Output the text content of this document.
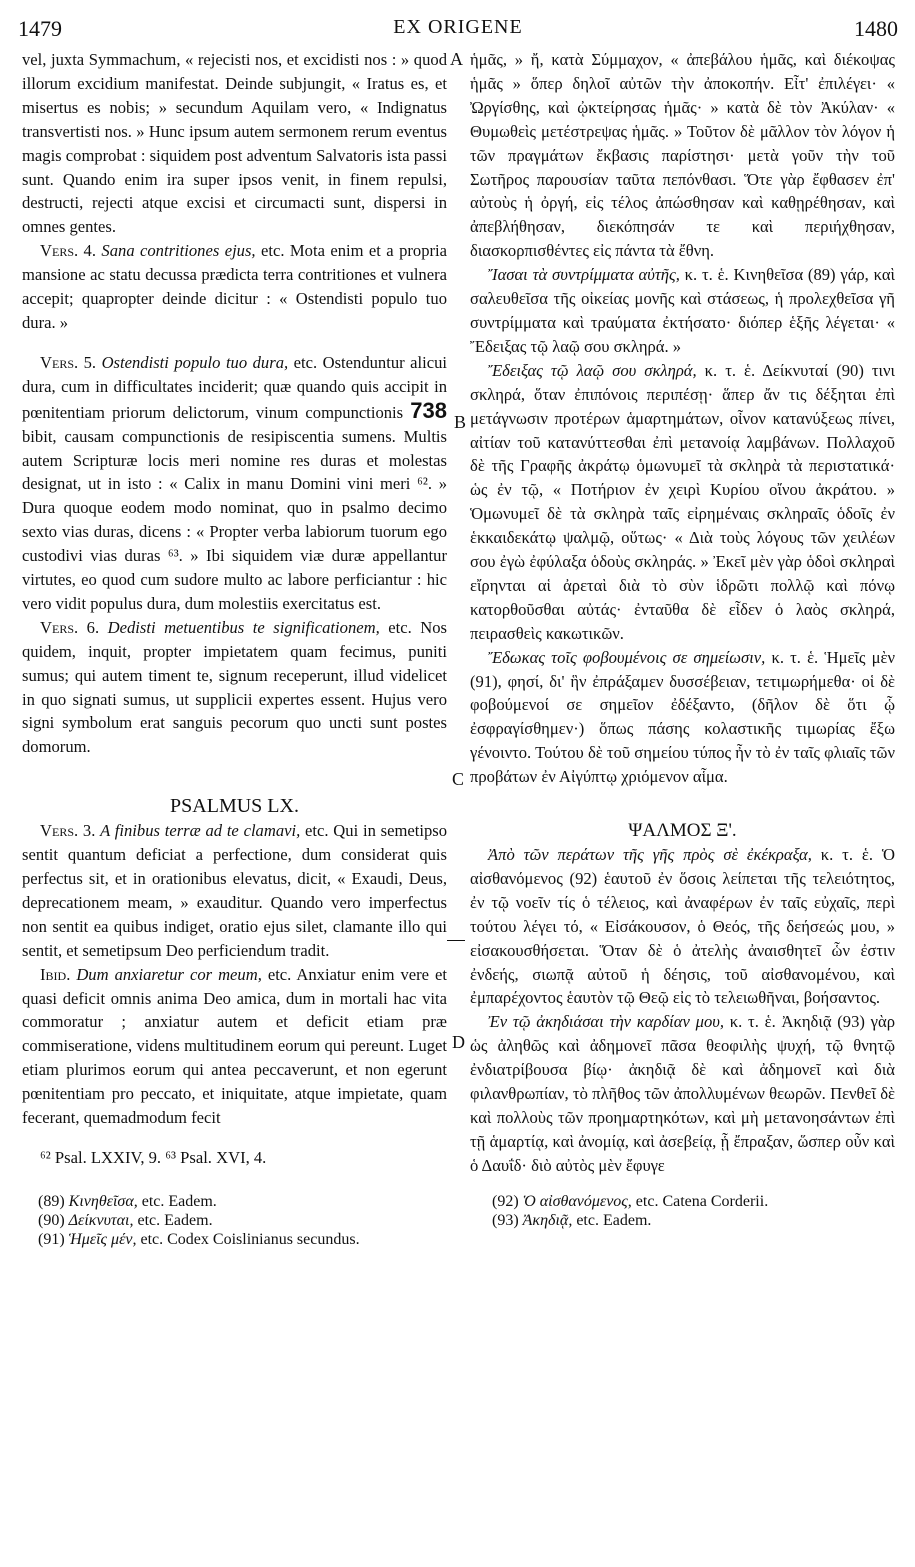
1479	EX ORIGENE	1480
A
B
C
D

vel, juxta Symmachum, « rejecisti nos, et excidisti nos : » quod illorum excidium manifestat. Deinde subjungit, « Iratus es, et misertus es nobis; » secundum Aquilam vero, « Indignatus transvertisti nos. » Hunc ipsum autem sermonem rerum eventus magis comprobat : siquidem post adventum Salvatoris ista passi sunt. Quando enim ira super ipsos venit, in finem repulsi, destructi, rejecti atque excisi et circumacti sunt, dispersi in omnes gentes.

Vers. 4. Sana contritiones ejus, etc. Mota enim et a propria mansione ac statu decussa prædicta terra contritiones et vulnera accepit; quapropter deinde dicitur : « Ostendisti populo tuo dura. »

Vers. 5. Ostendisti populo tuo dura, etc. Ostenduntur alicui dura, cum in difficultates inciderit; quæ quando quis accipit in pœnitentiam priorum delictorum, vinum compunctionis 738 bibit, causam compunctionis de resipiscentia sumens. Multis autem Scripturæ locis meri nomine res duras et molestas designat, ut in isto : « Calix in manu Domini vini meri ⁶². » Dura quoque eodem modo nominat, quo in psalmo decimo sexto vias duras, dicens : « Propter verba labiorum tuorum ego custodivi vias duras ⁶³. » Ibi siquidem viæ duræ appellantur virtutes, eo quod cum sudore multo ac labore perficiantur : hic vero vidit populus dura, dum molestiis exercitatus est.

Vers. 6. Dedisti metuentibus te significationem, etc. Nos quidem, inquit, propter impietatem quam fecimus, puniti sumus; qui autem timent te, signum receperunt, illud videlicet in quo signati sumus, ut supplicii expertes essent. Hujus vero signi symbolum erat sanguis pecorum quo uncti sunt postes domorum.

PSALMUS LX.

Vers. 3. A finibus terræ ad te clamavi, etc. Qui in semetipso sentit quantum deficiat a perfectione, dum considerat quis perfectus sit, et in orationibus elevatus, dicit, « Exaudi, Deus, deprecationem meam, » exauditur. Quando vero imperfectus non sentit ea quibus indiget, oratio ejus silet, clamante illo qui sentit, et semetipsum Deo perficiendum tradit.

Ibid. Dum anxiaretur cor meum, etc. Anxiatur enim vere et quasi deficit omnis anima Deo amica, dum in mortali hac vita commoratur ; anxiatur autem et deficit etiam præ commiseratione, videns multitudinem eorum qui pereunt. Luget etiam plurimos eorum qui antea peccaverunt, et non egerunt pœnitentiam pro peccato, et iniquitate, atque impietate, quam fecerant, quemadmodum fecit

⁶² Psal. LXXIV, 9. ⁶³ Psal. XVI, 4.

ἡμᾶς, » ἤ, κατὰ Σύμμαχον, « ἀπεβάλου ἡμᾶς, καὶ διέκοψας ἡμᾶς » ὅπερ δηλοῖ αὐτῶν τὴν ἀποκοπήν. Εἶτ' ἐπιλέγει· « Ὠργίσθης, καὶ ᾠκτείρησας ἡμᾶς· » κατὰ δὲ τὸν Ἀκύλαν· « Θυμωθεὶς μετέστρεψας ἡμᾶς. » Τοῦτον δὲ μᾶλλον τὸν λόγον ἡ τῶν πραγμάτων ἔκβασις παρίστησι· μετὰ γοῦν τὴν τοῦ Σωτῆρος παρουσίαν ταῦτα πεπόνθασι. Ὅτε γὰρ ἔφθασεν ἐπ' αὐτοὺς ἡ ὀργή, εἰς τέλος ἀπώσθησαν καὶ καθῃρέθησαν, καὶ ἀπεβλήθησαν, διεκόπησάν τε καὶ περιήχθησαν, διασκορπισθέντες εἰς πάντα τὰ ἔθνη.

Ἴασαι τὰ συντρίμματα αὐτῆς, κ. τ. ἑ. Κινηθεῖσα (89) γάρ, καὶ σαλευθεῖσα τῆς οἰκείας μονῆς καὶ στάσεως, ἡ προλεχθεῖσα γῆ συντρίμματα καὶ τραύματα ἐκτήσατο· διόπερ ἑξῆς λέγεται· « Ἔδειξας τῷ λαῷ σου σκληρά. »

Ἔδειξας τῷ λαῷ σου σκληρά, κ. τ. ἑ. Δείκνυταί (90) τινι σκληρά, ὅταν ἐπιπόνοις περιπέσῃ· ἅπερ ἄν τις δέξηται ἐπὶ μετάγνωσιν προτέρων ἁμαρτημάτων, οἶνον κατανύξεως πίνει, αἰτίαν τοῦ κατανύττεσθαι ἐπὶ μετανοίᾳ λαμβάνων. Πολλαχοῦ δὲ τῆς Γραφῆς ἀκράτῳ ὁμωνυμεῖ τὰ σκληρὰ τὰ περιστατικά· ὡς ἐν τῷ, « Ποτήριον ἐν χειρὶ Κυρίου οἴνου ἀκράτου. » Ὁμωνυμεῖ δὲ τὰ σκληρὰ ταῖς εἰρημέναις σκληραῖς ὁδοῖς ἐν ἑκκαιδεκάτῳ ψαλμῷ, οὕτως· « Διὰ τοὺς λόγους τῶν χειλέων σου ἐγὼ ἐφύλαξα ὁδοὺς σκληράς. » Ἐκεῖ μὲν γὰρ ὁδοὶ σκληραὶ εἴρηνται αἱ ἀρεταὶ διὰ τὸ σὺν ἱδρῶτι πολλῷ καὶ πόνῳ κατορθοῦσθαι αὐτάς· ἐνταῦθα δὲ εἶδεν ὁ λαὸς σκληρά, πειρασθεὶς κακωτικῶν.

Ἔδωκας τοῖς φοβουμένοις σε σημείωσιν, κ. τ. ἑ. Ἡμεῖς μὲν (91), φησί, δι' ἣν ἐπράξαμεν δυσσέβειαν, τετιμωρήμεθα· οἱ δὲ φοβούμενοί σε σημεῖον ἐδέξαντο, (δῆλον δὲ ὅτι ᾧ ἐσφραγίσθημεν·) ὅπως πάσης κολαστικῆς τιμωρίας ἔξω γένοιντο. Τούτου δὲ τοῦ σημείου τύπος ἦν τὸ ἐν ταῖς φλιαῖς τῶν προβάτων ἐν Αἰγύπτῳ χριόμενον αἷμα.

ΨΑΛΜΟΣ Ξ'.

Ἀπὸ τῶν περάτων τῆς γῆς πρὸς σὲ ἐκέκραξα, κ. τ. ἑ. Ὁ αἰσθανόμενος (92) ἑαυτοῦ ἐν ὅσοις λείπεται τῆς τελειότητος, ἐν τῷ νοεῖν τίς ὁ τέλειος, καὶ ἀναφέρων ἐν ταῖς εὐχαῖς, περὶ τούτου λέγει τό, « Εἰσάκουσον, ὁ Θεός, τῆς δεήσεώς μου, » εἰσακουσθήσεται. Ὅταν δὲ ὁ ἀτελὴς ἀναισθητεῖ ὧν ἐστιν ἐνδεής, σιωπᾷ αὐτοῦ ἡ δέησις, τοῦ αἰσθανομένου, καὶ ἐμπαρέχοντος ἑαυτὸν τῷ Θεῷ εἰς τὸ τελειωθῆναι, βοήσαντος.

Ἐν τῷ ἀκηδιάσαι τὴν καρδίαν μου, κ. τ. ἑ. Ἀκηδιᾷ (93) γὰρ ὡς ἀληθῶς καὶ ἀδημονεῖ πᾶσα θεοφιλὴς ψυχή, τῷ θνητῷ ἐνδιατρίβουσα βίῳ· ἀκηδιᾷ δὲ καὶ ἀδημονεῖ καὶ διὰ φιλανθρωπίαν, τὸ πλῆθος τῶν ἀπολλυμένων θεωρῶν. Πενθεῖ δὲ καὶ πολλοὺς τῶν προημαρτηκότων, καὶ μὴ μετανοησάντων ἐπὶ τῇ ἁμαρτίᾳ, καὶ ἀνομίᾳ, καὶ ἀσεβείᾳ, ᾗ ἔπραξαν, ὥσπερ οὖν καὶ ὁ Δαυΐδ· διὸ αὐτὸς μὲν ἔφυγε

(89) Κινηθεῖσα, etc. Eadem.

(90) Δείκνυται, etc. Eadem.

(91) Ἡμεῖς μέν, etc. Codex Coislinianus secundus.

(92) Ὁ αἰσθανόμενος, etc. Catena Corderii.

(93) Ἀκηδιᾷ, etc. Eadem.
